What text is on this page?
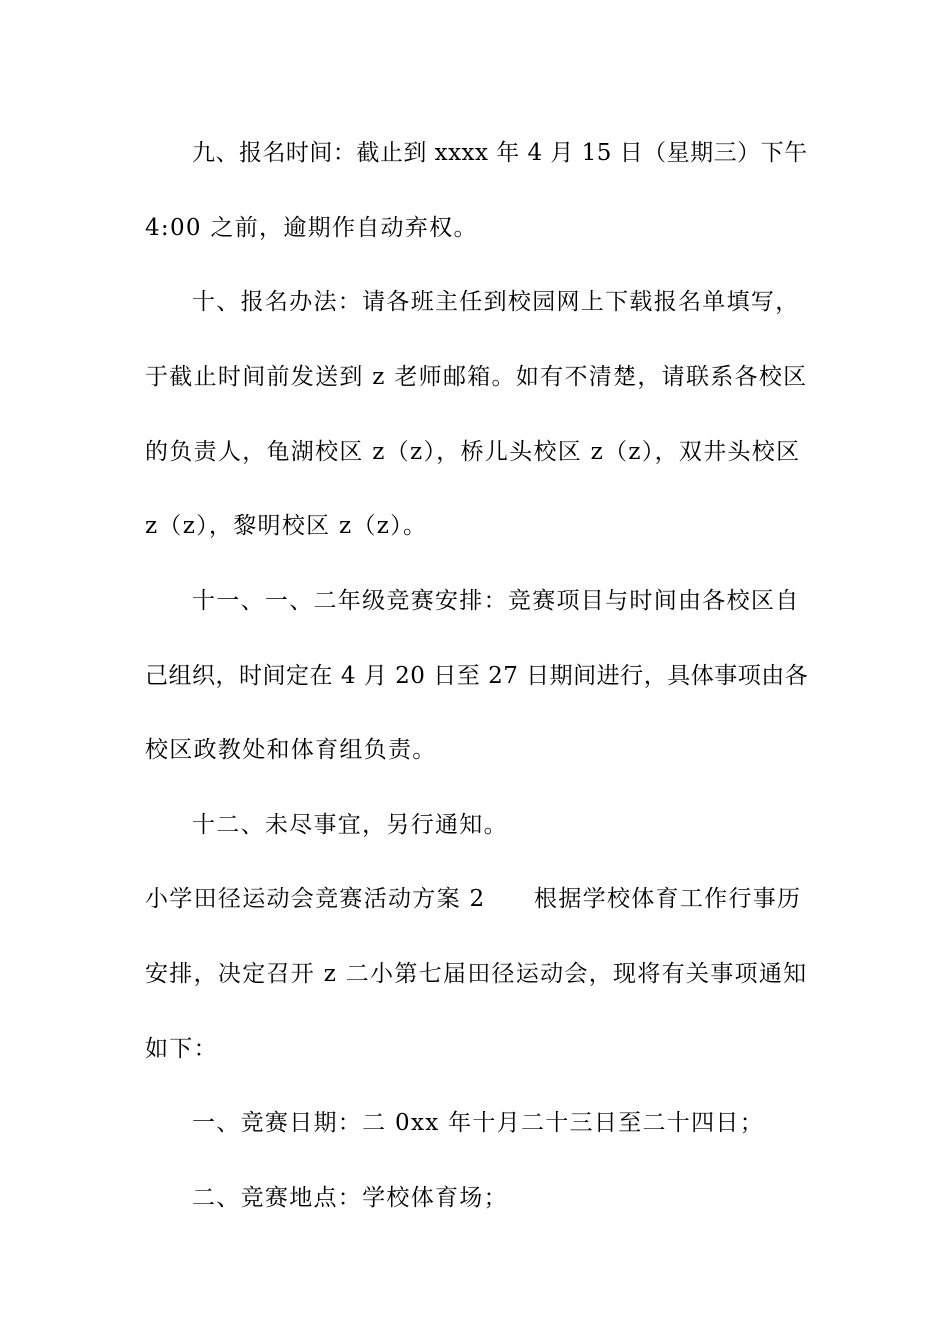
九、报名时间：截止到 xxxx 年 4 月 15 日（星期三）下午
4:00 之前，逾期作自动弃权。
十、报名办法：请各班主任到校园网上下载报名单填写，
于截止时间前发送到 z 老师邮箱。如有不清楚，请联系各校区
的负责人，龟湖校区 z（z），桥儿头校区 z（z），双井头校区
z（z），黎明校区 z（z）。
十一、一、二年级竞赛安排：竞赛项目与时间由各校区自
己组织，时间定在 4 月 20 日至 27 日期间进行，具体事项由各
校区政教处和体育组负责。
十二、未尽事宜，另行通知。
小学田径运动会竞赛活动方案 2　　根据学校体育工作行事历
安排，决定召开 z 二小第七届田径运动会，现将有关事项通知
如下：
一、竞赛日期：二 0xx 年十月二十三日至二十四日；
二、竞赛地点：学校体育场；
